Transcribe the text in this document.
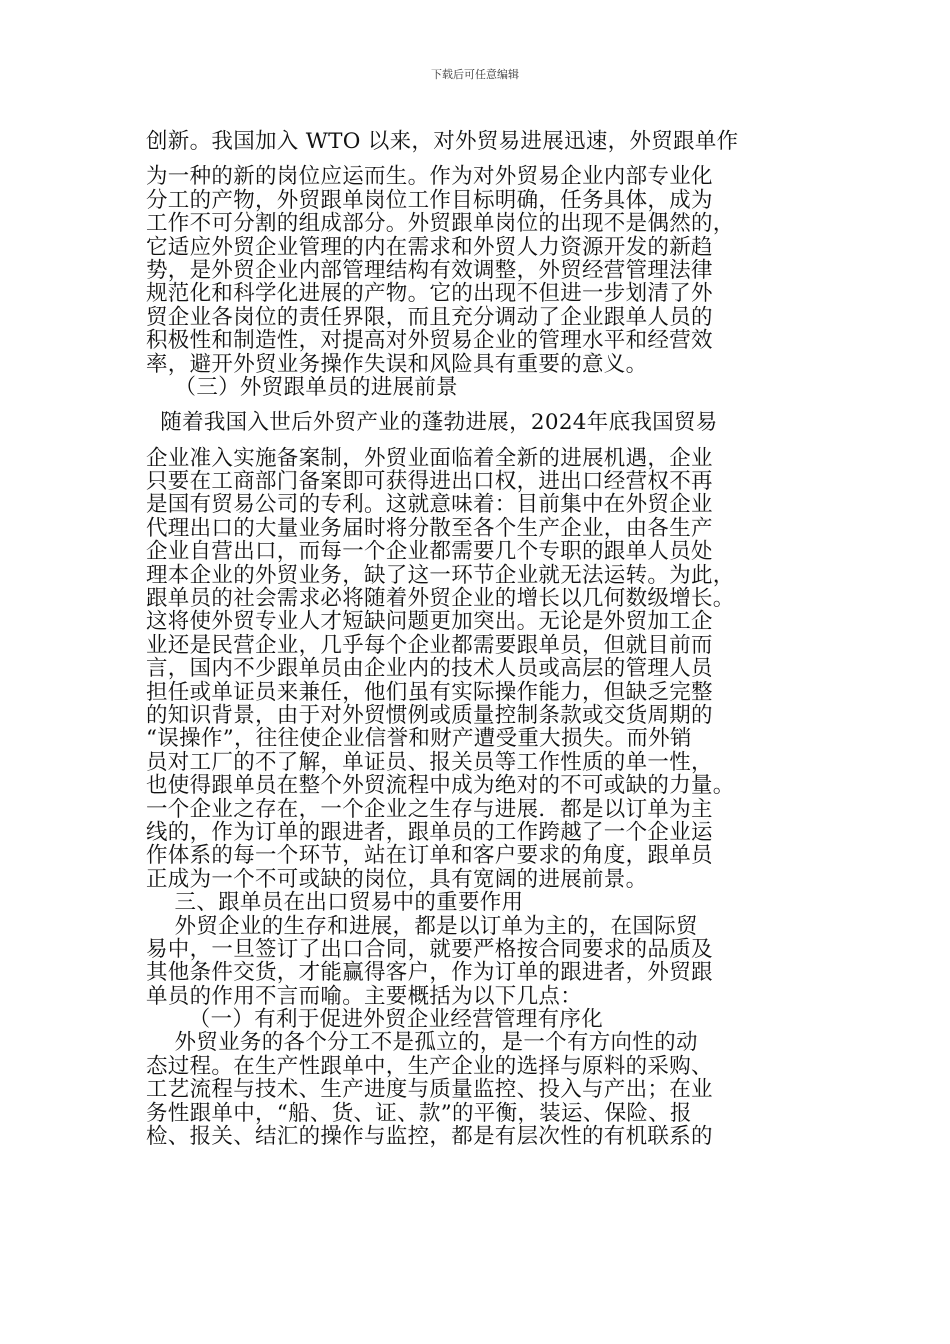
下载后可任意编辑
创新。我国加入 WTO 以来，对外贸易进展迅速，外贸跟单作
为一种的新的岗位应运而生。作为对外贸易企业内部专业化
分工的产物，外贸跟单岗位工作目标明确，任务具体，成为
工作不可分割的组成部分。外贸跟单岗位的出现不是偶然的，
它适应外贸企业管理的内在需求和外贸人力资源开发的新趋
势，是外贸企业内部管理结构有效调整，外贸经营管理法律
规范化和科学化进展的产物。它的出现不但进一步划清了外
贸企业各岗位的责任界限，而且充分调动了企业跟单人员的
积极性和制造性，对提高对外贸易企业的管理水平和经营效
率，避开外贸业务操作失误和风险具有重要的意义。
（三）外贸跟单员的进展前景
随着我国入世后外贸产业的蓬勃进展，2024年底我国贸易
企业准入实施备案制，外贸业面临着全新的进展机遇，企业
只要在工商部门备案即可获得进出口权，进出口经营权不再
是国有贸易公司的专利。这就意味着：目前集中在外贸企业
代理出口的大量业务届时将分散至各个生产企业，由各生产
企业自营出口，而每一个企业都需要几个专职的跟单人员处
理本企业的外贸业务，缺了这一环节企业就无法运转。为此，
跟单员的社会需求必将随着外贸企业的增长以几何数级增长。
这将使外贸专业人才短缺问题更加突出。无论是外贸加工企
业还是民营企业，几乎每个企业都需要跟单员，但就目前而
言，国内不少跟单员由企业内的技术人员或高层的管理人员
担任或单证员来兼任，他们虽有实际操作能力，但缺乏完整
的知识背景，由于对外贸惯例或质量控制条款或交货周期的
“误操作”，往往使企业信誉和财产遭受重大损失。而外销
员对工厂的不了解，单证员、报关员等工作性质的单一性，
也使得跟单员在整个外贸流程中成为绝对的不可或缺的力量。
一个企业之存在，一个企业之生存与进展．都是以订单为主
线的，作为订单的跟进者，跟单员的工作跨越了一个企业运
作体系的每一个环节，站在订单和客户要求的角度，跟单员
正成为一个不可或缺的岗位，具有宽阔的进展前景。
三、跟单员在出口贸易中的重要作用
外贸企业的生存和进展，都是以订单为主的，在国际贸
易中，一旦签订了出口合同，就要严格按合同要求的品质及
其他条件交货，才能赢得客户，作为订单的跟进者，外贸跟
单员的作用不言而喻。主要概括为以下几点：
（一）有利于促进外贸企业经营管理有序化
外贸业务的各个分工不是孤立的，是一个有方向性的动
态过程。在生产性跟单中，生产企业的选择与原料的采购、
工艺流程与技术、生产进度与质量监控、投入与产出；在业
务性跟单中，“船、货、证、款”的平衡，装运、保险、报
检、报关、结汇的操作与监控，都是有层次性的有机联系的
